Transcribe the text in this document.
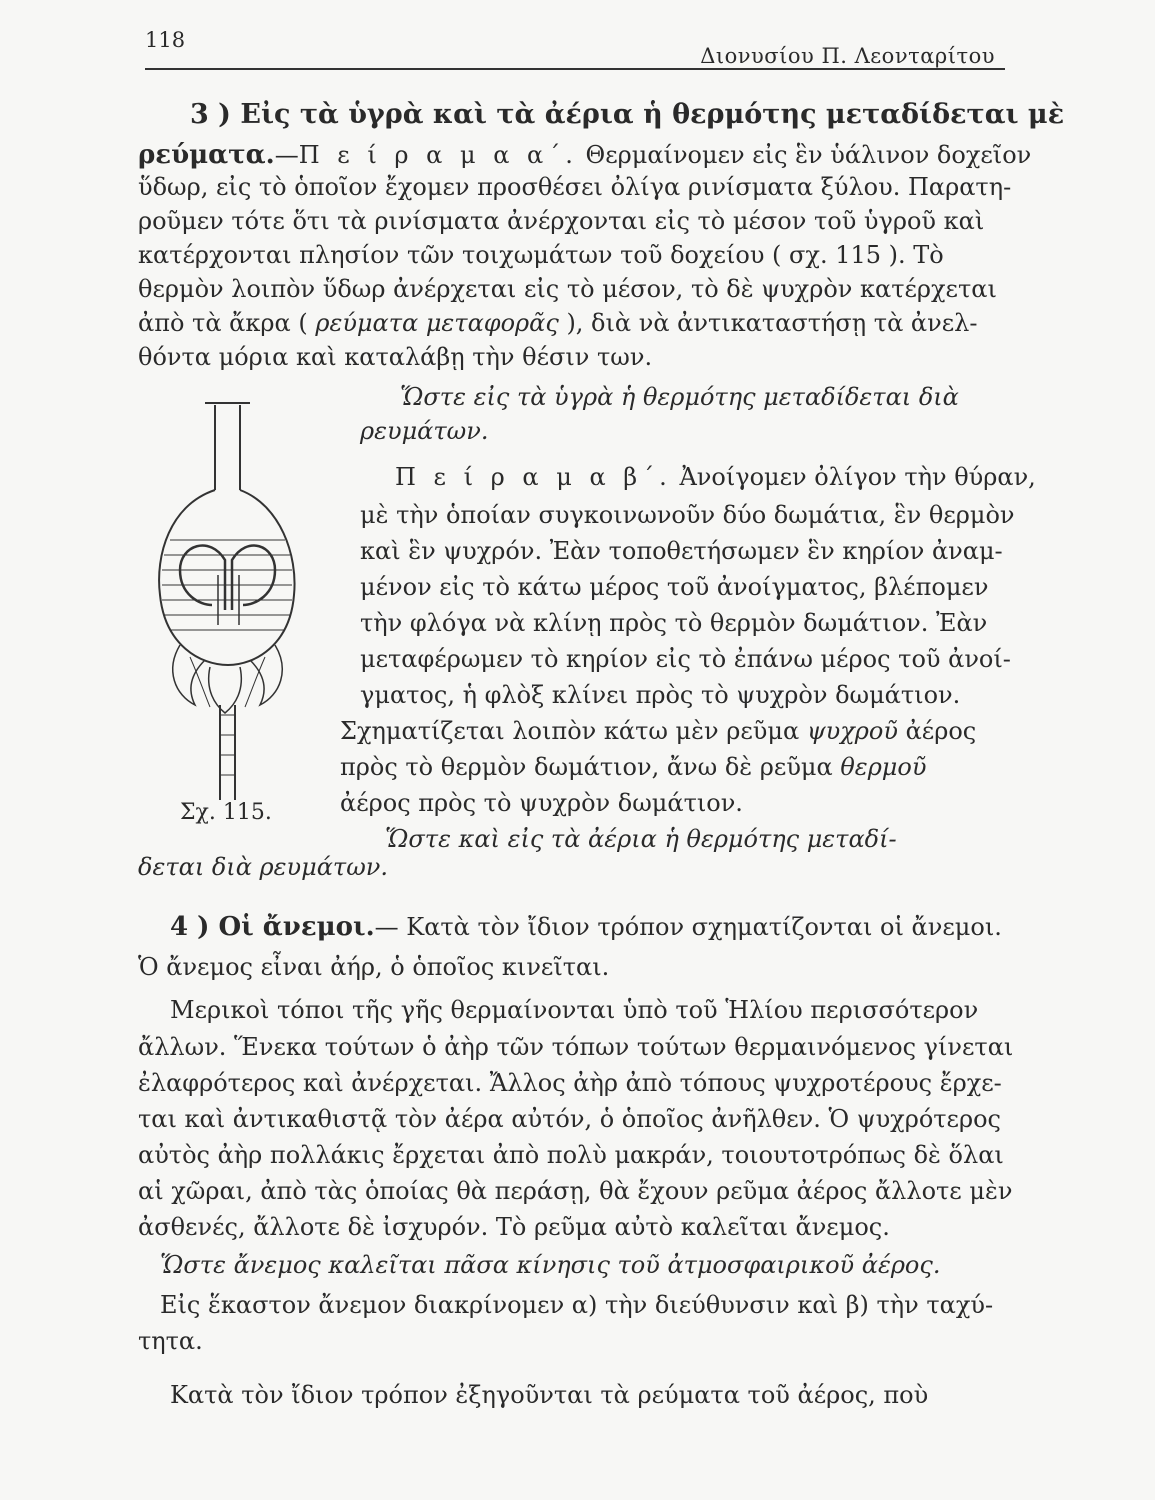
118
Διονυσίου Π. Λεονταρίτου
3 ) Εἰς τὰ ὑγρὰ καὶ τὰ ἀέρια ἡ θερμότης μεταδίδεται μὲ
ρεύματα.—Π ε ί ρ α μ α α΄. Θερμαίνομεν εἰς ἓν ὑάλινον δοχεῖον
ὕδωρ, εἰς τὸ ὁποῖον ἔχομεν προσθέσει ὀλίγα ρινίσματα ξύλου. Παρατη-
ροῦμεν τότε ὅτι τὰ ρινίσματα ἀνέρχονται εἰς τὸ μέσον τοῦ ὑγροῦ καὶ
κατέρχονται πλησίον τῶν τοιχωμάτων τοῦ δοχείου ( σχ. 115 ). Τὸ
θερμὸν λοιπὸν ὕδωρ ἀνέρχεται εἰς τὸ μέσον, τὸ δὲ ψυχρὸν κατέρχεται
ἀπὸ τὰ ἄκρα ( ρεύματα μεταφορᾶς ), διὰ νὰ ἀντικαταστήσῃ τὰ ἀνελ-
θόντα μόρια καὶ καταλάβῃ τὴν θέσιν των.
Ὥστε εἰς τὰ ὑγρὰ ἡ θερμότης μεταδίδεται διὰ
ρευμάτων.
Π ε ί ρ α μ α β΄. Ἀνοίγομεν ὀλίγον τὴν θύραν,
μὲ τὴν ὁποίαν συγκοινωνοῦν δύο δωμάτια, ἓν θερμὸν
καὶ ἓν ψυχρόν. Ἐὰν τοποθετήσωμεν ἓν κηρίον ἀναμ-
μένον εἰς τὸ κάτω μέρος τοῦ ἀνοίγματος, βλέπομεν
τὴν φλόγα νὰ κλίνῃ πρὸς τὸ θερμὸν δωμάτιον. Ἐὰν
μεταφέρωμεν τὸ κηρίον εἰς τὸ ἐπάνω μέρος τοῦ ἀνοί-
γματος, ἡ φλὸξ κλίνει πρὸς τὸ ψυχρὸν δωμάτιον.
Σχηματίζεται λοιπὸν κάτω μὲν ρεῦμα ψυχροῦ ἀέρος
πρὸς τὸ θερμὸν δωμάτιον, ἄνω δὲ ρεῦμα θερμοῦ
ἀέρος πρὸς τὸ ψυχρὸν δωμάτιον.
Ὥστε καὶ εἰς τὰ ἀέρια ἡ θερμότης μεταδί-
δεται διὰ ρευμάτων.
Σχ. 115.
4 ) Οἱ ἄνεμοι.— Κατὰ τὸν ἴδιον τρόπον σχηματίζονται οἱ ἄνεμοι.
Ὁ ἄνεμος εἶναι ἀήρ, ὁ ὁποῖος κινεῖται.
Μερικοὶ τόποι τῆς γῆς θερμαίνονται ὑπὸ τοῦ Ἡλίου περισσότερον
ἄλλων. Ἕνεκα τούτων ὁ ἀὴρ τῶν τόπων τούτων θερμαινόμενος γίνεται
ἐλαφρότερος καὶ ἀνέρχεται. Ἄλλος ἀὴρ ἀπὸ τόπους ψυχροτέρους ἔρχε-
ται καὶ ἀντικαθιστᾷ τὸν ἀέρα αὐτόν, ὁ ὁποῖος ἀνῆλθεν. Ὁ ψυχρότερος
αὐτὸς ἀὴρ πολλάκις ἔρχεται ἀπὸ πολὺ μακράν, τοιουτοτρόπως δὲ ὅλαι
αἱ χῶραι, ἀπὸ τὰς ὁποίας θὰ περάσῃ, θὰ ἔχουν ρεῦμα ἀέρος ἄλλοτε μὲν
ἀσθενές, ἄλλοτε δὲ ἰσχυρόν. Τὸ ρεῦμα αὐτὸ καλεῖται ἄνεμος.
Ὥστε ἄνεμος καλεῖται πᾶσα κίνησις τοῦ ἀτμοσφαιρικοῦ ἀέρος.
Εἰς ἕκαστον ἄνεμον διακρίνομεν α) τὴν διεύθυνσιν καὶ β) τὴν ταχύ-
τητα.
Κατὰ τὸν ἴδιον τρόπον ἐξηγοῦνται τὰ ρεύματα τοῦ ἀέρος, ποὺ
